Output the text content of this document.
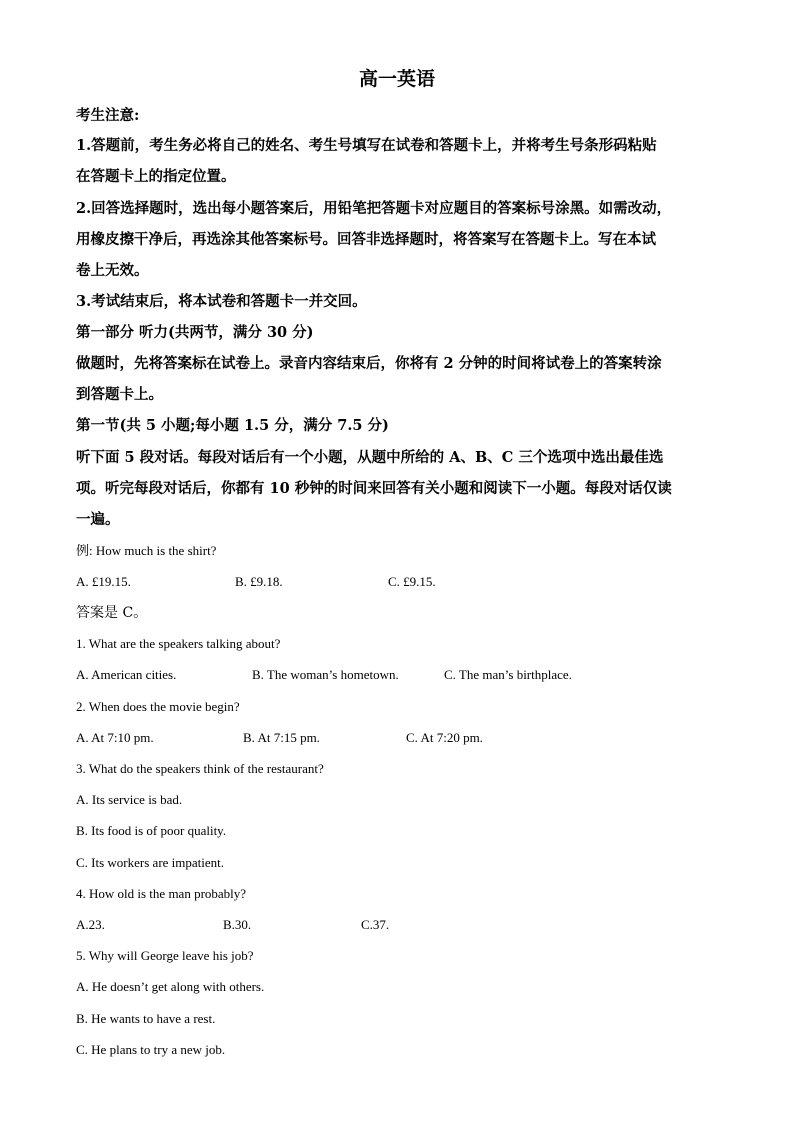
高一英语
考生注意:
1.答题前，考生务必将自己的姓名、考生号填写在试卷和答题卡上，并将考生号条形码粘贴
在答题卡上的指定位置。
2.回答选择题时，选出每小题答案后，用铅笔把答题卡对应题目的答案标号涂黑。如需改动，
用橡皮擦干净后，再选涂其他答案标号。回答非选择题时，将答案写在答题卡上。写在本试
卷上无效。
3.考试结束后，将本试卷和答题卡一并交回。
第一部分 听力(共两节，满分 30 分)
做题时，先将答案标在试卷上。录音内容结束后，你将有 2 分钟的时间将试卷上的答案转涂
到答题卡上。
第一节(共 5 小题;每小题 1.5 分，满分 7.5 分)
听下面 5 段对话。每段对话后有一个小题，从题中所给的 A、B、C 三个选项中选出最佳选
项。听完每段对话后，你都有 10 秒钟的时间来回答有关小题和阅读下一小题。每段对话仅读
一遍。
例: How much is the shirt?
A. £19.15.	B. £9.18.	C. £9.15.
答案是 C。
1. What are the speakers talking about?
A. American cities.	B. The woman’s hometown.	C. The man’s birthplace.
2. When does the movie begin?
A. At 7:10 pm.	B. At 7:15 pm.	C. At 7:20 pm.
3. What do the speakers think of the restaurant?
A. Its service is bad.
B. Its food is of poor quality.
C. Its workers are impatient.
4. How old is the man probably?
A.23.	B.30.	C.37.
5. Why will George leave his job?
A. He doesn’t get along with others.
B. He wants to have a rest.
C. He plans to try a new job.
